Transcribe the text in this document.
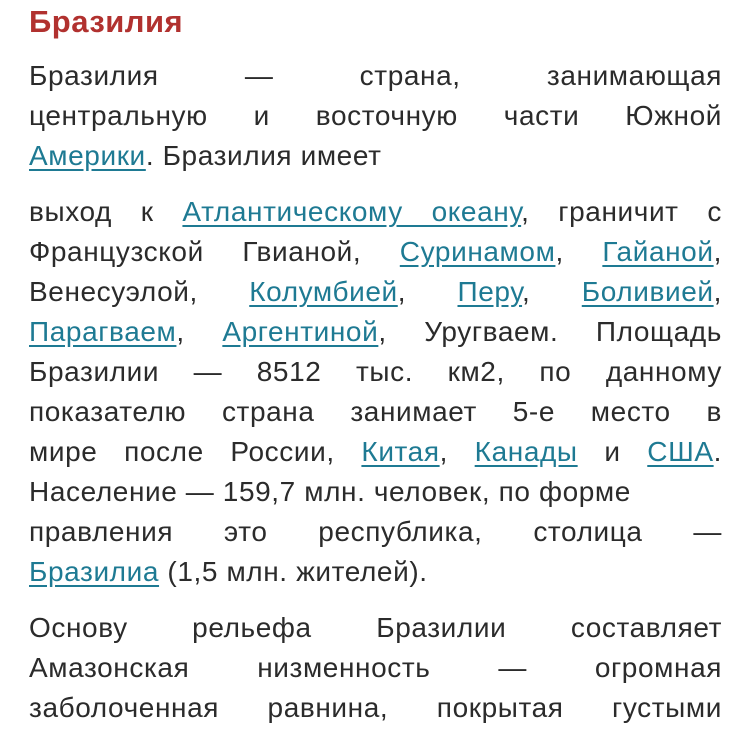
Бразилия
Бразилия — страна, занимающая
центральную и восточную части Южной
Америки. Бразилия имеет
выход к Атлантическому океану, граничит с
Французской Гвианой, Суринамом, Гайаной,
Венесуэлой, Колумбией, Перу, Боливией,
Парагваем, Аргентиной, Уругваем. Площадь
Бразилии — 8512 тыс. км2, по данному
показателю страна занимает 5-е место в
мире после России, Китая, Канады и США.
Население — 159,7 млн. человек, по форме
правления это республика, столица —
Бразилиа (1,5 млн. жителей).
Основу рельефа Бразилии составляет
Амазонская низменность — огромная
заболоченная равнина, покрытая густыми
